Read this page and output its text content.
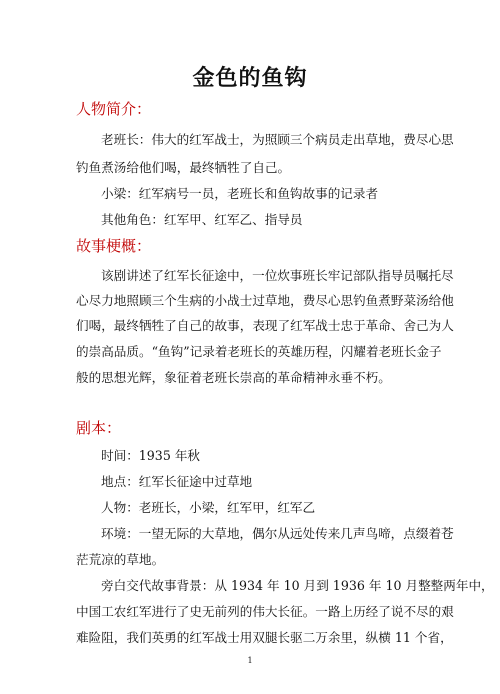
金色的鱼钩
人物简介：
老班长：伟大的红军战士，为照顾三个病员走出草地，费尽心思
钓鱼煮汤给他们喝，最终牺牲了自己。
小梁：红军病号一员，老班长和鱼钩故事的记录者
其他角色：红军甲、红军乙、指导员
故事梗概：
该剧讲述了红军长征途中，一位炊事班长牢记部队指导员嘱托尽
心尽力地照顾三个生病的小战士过草地，费尽心思钓鱼煮野菜汤给他
们喝，最终牺牲了自己的故事，表现了红军战士忠于革命、舍己为人
的崇高品质。“鱼钩”记录着老班长的英雄历程，闪耀着老班长金子
般的思想光辉，象征着老班长崇高的革命精神永垂不朽。
剧本：
时间：1935 年秋
地点：红军长征途中过草地
人物：老班长，小梁，红军甲，红军乙
环境：一望无际的大草地，偶尔从远处传来几声鸟啼，点缀着苍
茫荒凉的草地。
旁白交代故事背景：从 1934 年 10 月到 1936 年 10 月整整两年中，
中国工农红军进行了史无前列的伟大长征。一路上历经了说不尽的艰
难险阻，我们英勇的红军战士用双腿长驱二万余里，纵横 11 个省，
1
